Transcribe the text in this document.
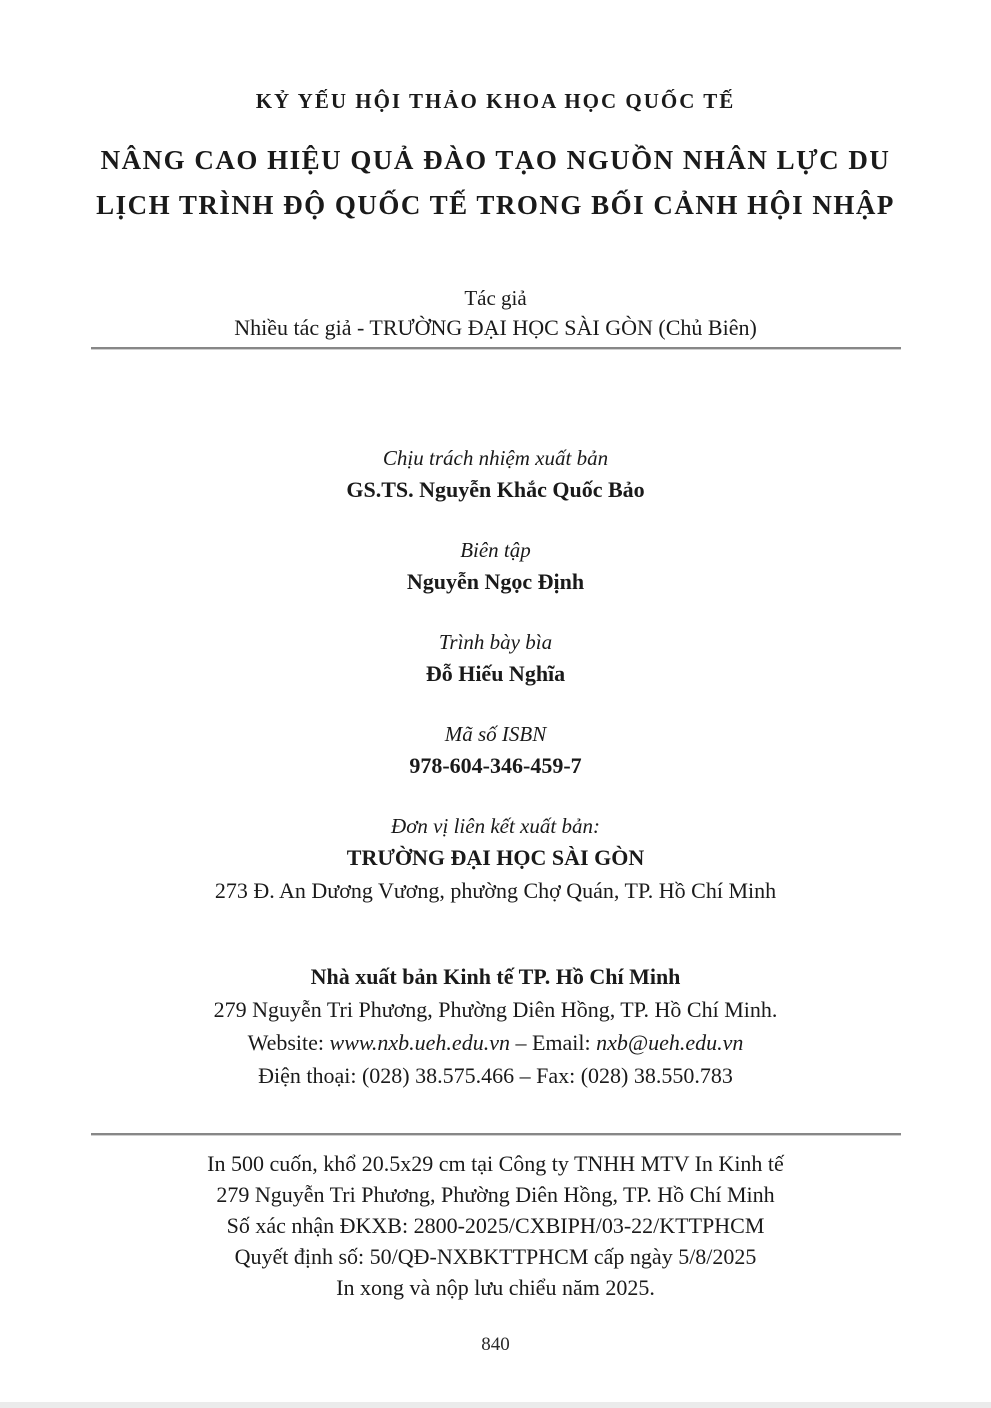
KỶ YẾU HỘI THẢO KHOA HỌC QUỐC TẾ
NÂNG CAO HIỆU QUẢ ĐÀO TẠO NGUỒN NHÂN LỰC DU
LỊCH TRÌNH ĐỘ QUỐC TẾ TRONG BỐI CẢNH HỘI NHẬP
Tác giả
Nhiều tác giả - TRƯỜNG ĐẠI HỌC SÀI GÒN (Chủ Biên)
Chịu trách nhiệm xuất bản
GS.TS. Nguyễn Khắc Quốc Bảo
Biên tập
Nguyễn Ngọc Định
Trình bày bìa
Đỗ Hiếu Nghĩa
Mã số ISBN
978-604-346-459-7
Đơn vị liên kết xuất bản:
TRƯỜNG ĐẠI HỌC SÀI GÒN
273 Đ. An Dương Vương, phường Chợ Quán, TP. Hồ Chí Minh
Nhà xuất bản Kinh tế TP. Hồ Chí Minh
279 Nguyễn Tri Phương, Phường Diên Hồng, TP. Hồ Chí Minh.
Website: www.nxb.ueh.edu.vn – Email: nxb@ueh.edu.vn
Điện thoại: (028) 38.575.466 – Fax: (028) 38.550.783
In 500 cuốn, khổ 20.5x29 cm tại Công ty TNHH MTV In Kinh tế
279 Nguyễn Tri Phương, Phường Diên Hồng, TP. Hồ Chí Minh
Số xác nhận ĐKXB: 2800-2025/CXBIPH/03-22/KTTPHCM
Quyết định số: 50/QĐ-NXBKTTPHCM cấp ngày 5/8/2025
In xong và nộp lưu chiểu năm 2025.
840
